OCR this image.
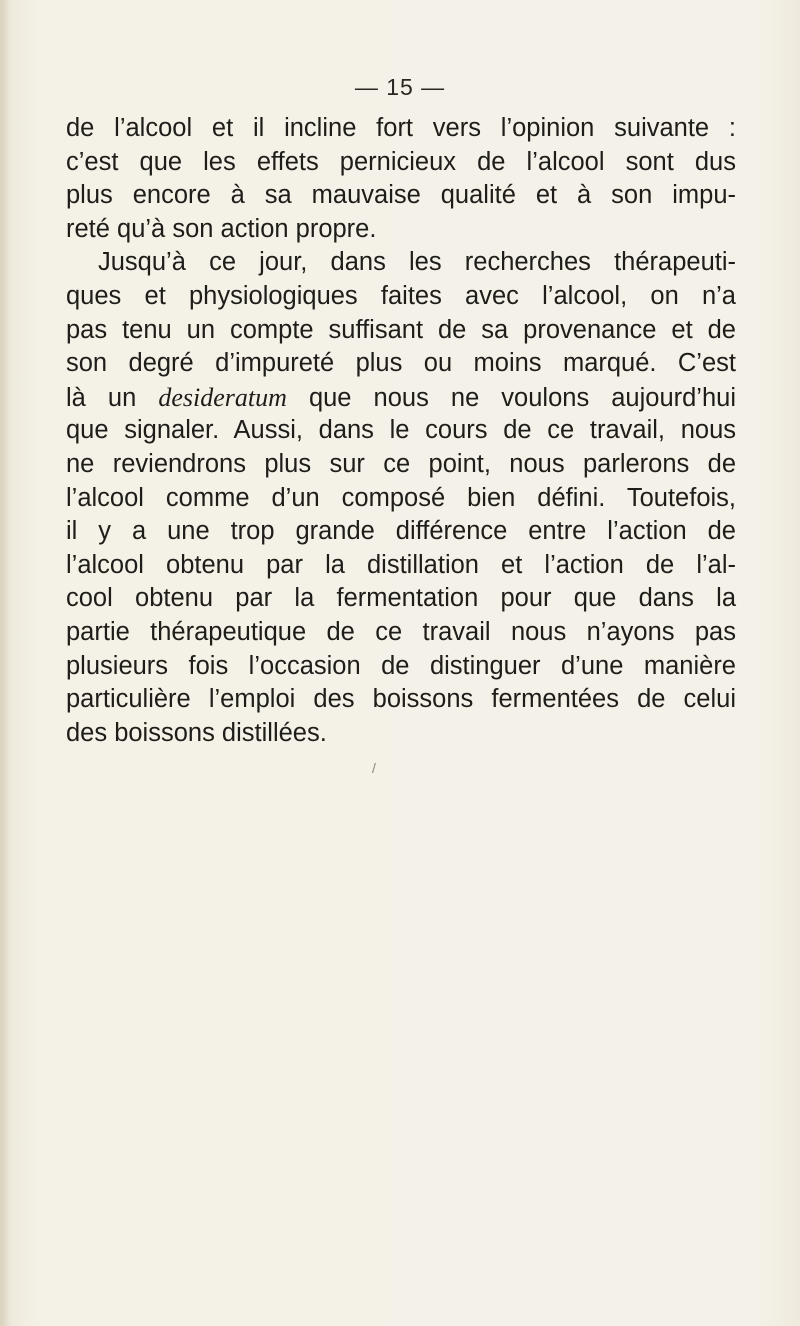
— 15 —
de l’alcool et il incline fort vers l’opinion suivante :
c’est que les effets pernicieux de l’alcool sont dus
plus encore à sa mauvaise qualité et à son impu-
reté qu’à son action propre.
Jusqu’à ce jour, dans les recherches thérapeuti-
ques et physiologiques faites avec l’alcool, on n’a
pas tenu un compte suffisant de sa provenance et de
son degré d’impureté plus ou moins marqué. C’est
là un desideratum que nous ne voulons aujourd’hui
que signaler. Aussi, dans le cours de ce travail, nous
ne reviendrons plus sur ce point, nous parlerons de
l’alcool comme d’un composé bien défini. Toutefois,
il y a une trop grande différence entre l’action de
l’alcool obtenu par la distillation et l’action de l’al-
cool obtenu par la fermentation pour que dans la
partie thérapeutique de ce travail nous n’ayons pas
plusieurs fois l’occasion de distinguer d’une manière
particulière l’emploi des boissons fermentées de celui
des boissons distillées.
/
